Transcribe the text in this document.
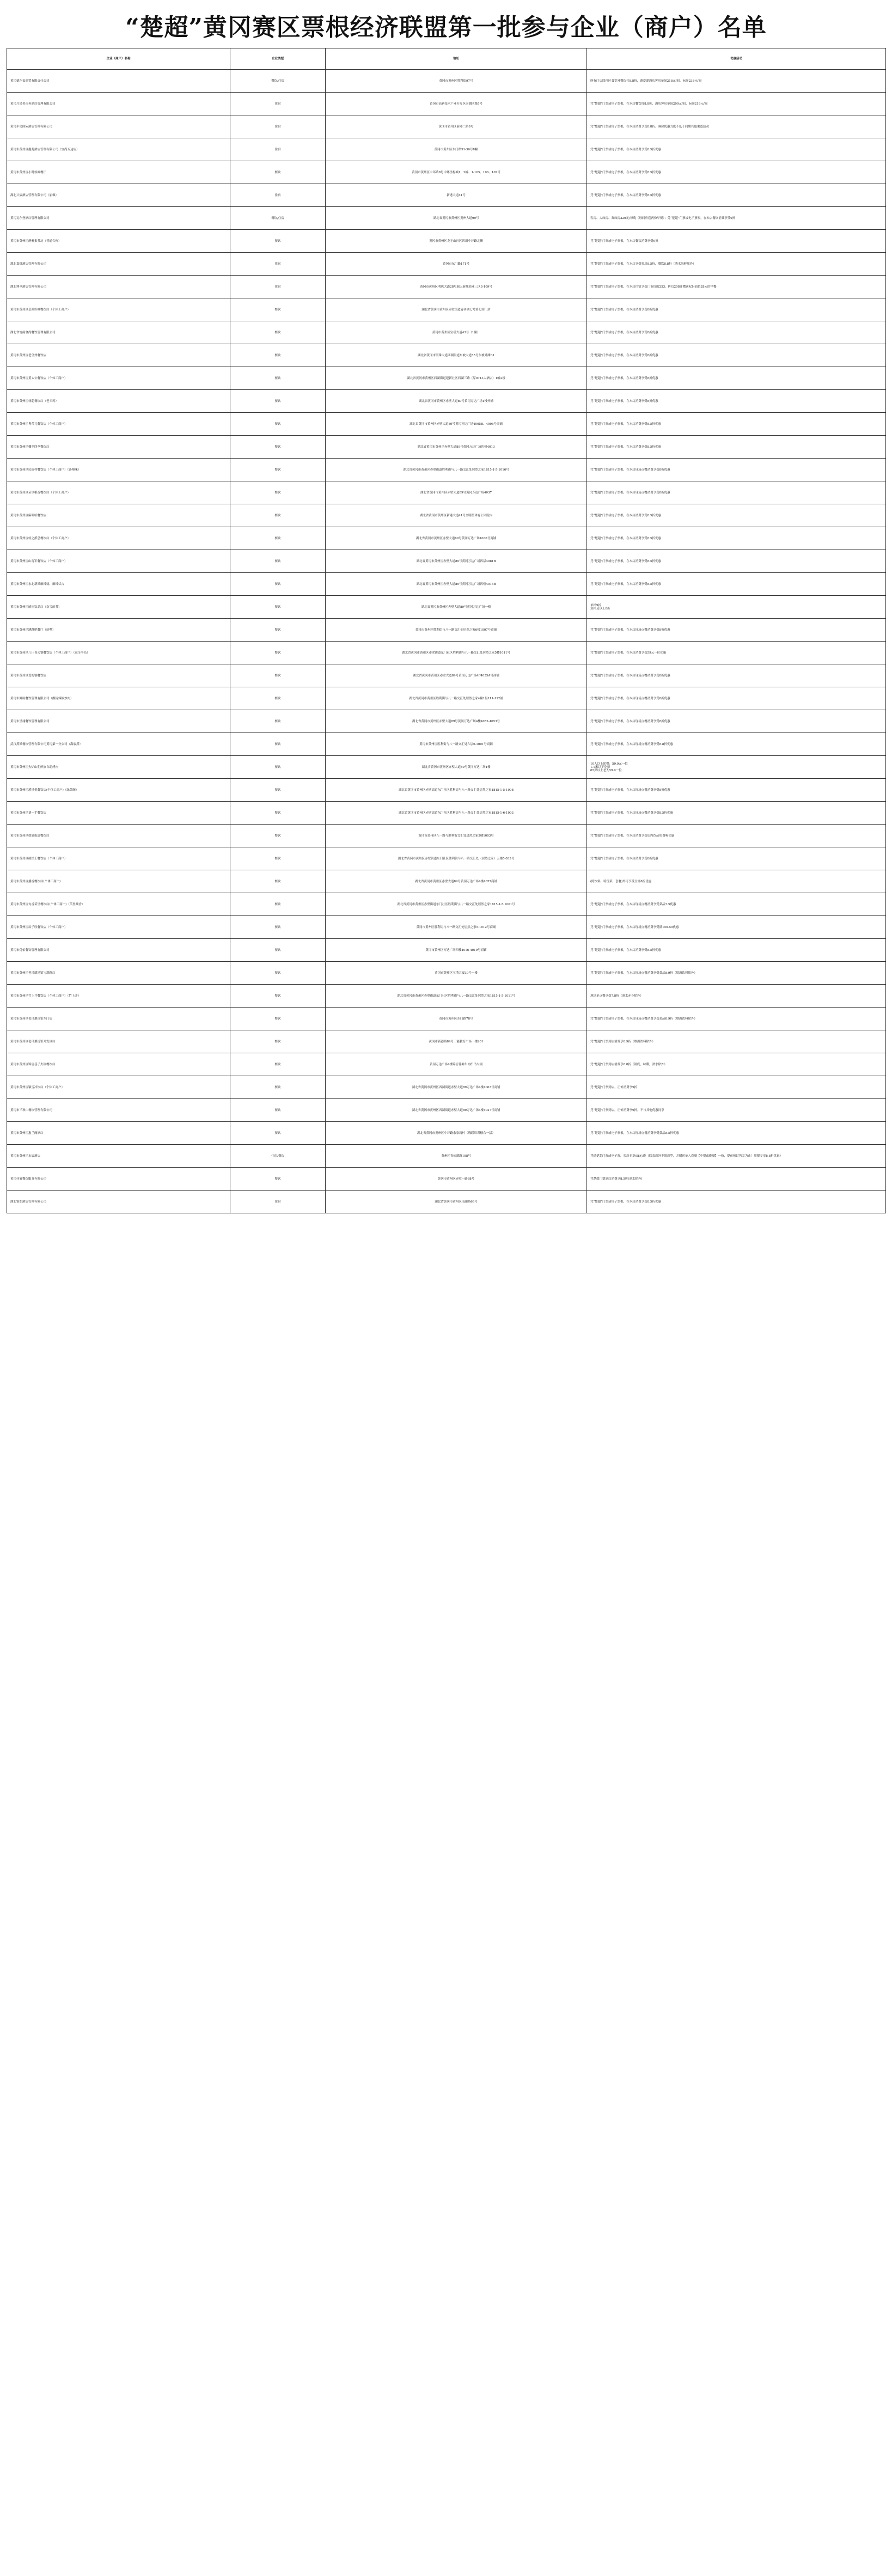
“楚超”黄冈赛区票根经济联盟第一批参与企业（商户）名单
企业（商户）名称	企业类型	地址	优惠活动
黄冈德尔福商贸有限责任公司	餐饮/住宿	黄冈市黄州区胜利街97号	所有门店除社区食堂外餐饮打8.8折，遗爱湖酒店客房单间218元/间，标间238元/间
黄冈月果老南务酒店管理有限公司	住宿	黄冈市高新技术产业开发区南湖四路5号	凭“楚超”门票或电子票根，在本店餐饮打8.8折，酒店客房单间200元/间，标间218元/间
黄冈半岛国际酒店管理有限公司	住宿	黄冈市黄州区新港二路8号	凭“楚超”门票或电子票根，在本店消费享受8.8折。客房优惠力度不低于同期其他渠道活动
黄冈市黄州区鑫龙酒店管理有限公司（宜尚万达店）	住宿	黄冈市黄州区东门路91-36号8幢	凭“楚超”门票或电子票根，在本店消费享受8.5折优惠
黄冈市黄州区小时候味餐厅	餐饮	黄冈市黄州区中环路8号中环坐标城1、2幢、1-105、106、107号	凭“楚超”门票或电子票根，在本店消费享受8.5折优惠
湖北兴辰酒店管理有限公司（丽枫）	住宿	新港大道41号	凭“楚超”门票或电子票根，在本店消费享受8.5折优惠
黄冈瓦尔登酒店管理有限公司	餐饮/住宿	湖北省黄冈市黄州区黄州大道99号	客房、大床房、双床房320元/每晚（每间房送两份早餐）；凭“楚超”门票或电子票根，在本店餐饮消费享受9折
黄冈市黄州区静雅素茶坊（普通合伙）	餐饮	黄冈市黄州区龙王山社区四组中环路北侧	凭“楚超”门票或电子票根，在本店餐饮消费享受9折
湖北嘉维酒店管理有限公司	住宿	黄冈市东门路171号	凭“楚超”门票或电子票根，在本店享受客房8.5折，餐饮8.8折（酒水海鲜除外）
湖北博圣酒店管理有限公司	住宿	黄冈市黄州区明珠大道28号瑞天新城商业三区3-109号	凭“楚超”门票或电子票根，在本店住宿享受门市价的253，折后208并赠送双份面值28元的早餐
黄冈市黄州区皇洲虾城餐饮店（个体工商户）	餐饮	湖北省黄冈市黄州区赤壁街道青砖湖七号第七间门店	凭“楚超”门票或电子票根，在本店消费享受8折优惠
湖北省竹韵食尚餐饮管理有限公司	餐饮	黄冈市黄州区宝塔大道43号（1幢）	凭“楚超”门票或电子票根，在本店消费享受8折优惠
黄冈市黄州区老皇州餐饮店	餐饮	湖北省黄冈市明珠大道西湖街道东坡大道55号东坡外滩B1	凭“楚超”门票或电子票根，在本店消费享受8折优惠
黄冈市黄州区黄太公餐饮店（个体工商户）	餐饮	湖北省黄冈市黄州区西湖街道建新社区西湖三路（原0713大酒店）1幢2楼	凭“楚超”门票或电子票根，在本店消费享受8折优惠
黄冈市黄州区徐超餐饮店（老乡鸡）	餐饮	湖北省黄冈市黄州区赤壁大道89号黄冈万达广场1楼外铺	凭“楚超”门票或电子票根，在本店消费享受8折优惠
黄冈市黄州区粤荣礼餐饮店（个体工商户）	餐饮	湖北省黄冈市黄州区赤壁大道89号黄冈万达广场4005B、4006号商铺	凭“楚超”门票或电子票根，在本店消费享受8.5折优惠
黄冈市黄州区椰乡四季餐饮店	餐饮	湖北省黄冈市黄州区赤壁大道89号黄冈万达广场四楼4013	凭“楚超”门票或电子票根，在本店消费享受8.5折优惠
黄冈市黄州区民俗村餐饮店（个体工商户）（汤师味）	餐饮	湖北省黄冈市黄州区赤壁街道胜利街与八一路交汇处居然之家1815-1-5-1016号	凭“楚超”门票或电子票根，在本店现场点餐消费享受8折优惠
黄冈市黄州区苗里粮香餐饮店（个体工商户）	餐饮	湖北省黄冈市黄州区赤壁大道89号黄冈万达广场4037	凭“楚超”门票或电子票根，在本店现场点餐消费享受8折优惠
黄冈市黄州区麻哈哈餐饮店	餐饮	湖北省黄冈市黄州区新港大道41号全明星体育公园院内	凭“楚超”门票或电子票根，在本店消费享受8.5折优惠
黄冈市黄州区蛙之派总餐饮店（个体工商户）	餐饮	湖北省黄冈市黄州区赤壁大道89号黄冈万达广场4036号商铺	凭“楚超”门票或电子票根，在本店消费享受8.5折优惠
黄冈市黄州区山将军餐饮店（个体工商户）	餐饮	湖北省黄冈市黄州区赤壁大道89号黄冈万达广场四层4081B	凭“楚超”门票或电子票根，在本店消费享受8.5折优惠
黄冈市黄州区东北新派麻辣烫、麻辣伏吉	餐饮	湖北省黄冈市黄州区赤壁大道89号黄冈万达广场四楼4015B	凭“楚超”门票或电子票根，在本店消费享受8.5折优惠
黄冈市黄州区晴雨饮品店（奈雪的茶）	餐饮	湖北省黄冈市黄州区赤壁大道89号黄冈万达广场一楼	单杯9折
双杯及以上8折
黄冈市黄州区跳跳吧餐厅（蛙嘿）	餐饮	黄冈市黄州区胜利街与八一路交汇处居然之家6楼1007号商铺	凭“楚超”门票或电子票根，在本店现场点餐消费享受8折优惠
黄冈市黄州区八斤哥火锅餐饮店（个体工商户）（众享半岛）	餐饮	湖北省黄冈市黄州区赤壁街道东门社区胜利街与八一路交汇处居然之家5楼1011号	凭“楚超”门票或电子票根，在本店消费享受59元一位优惠
黄冈市黄州区爱的锅餐饮店	餐饮	湖北省黄冈市黄州区赤壁大道89号黄冈万达广场4F4055A号商铺	凭“楚超”门票或电子票根，在本店现场点餐消费享受8折优惠
黄冈市鲜厨餐饮管理有限公司（湘厨辣椒炒肉）	餐饮	湖北省黄冈市黄州区胜利街与八一路交汇处居然之家4幢1层111-112铺	凭“楚超”门票或电子票根，在本店现场点餐消费享受8折优惠
黄冈市星翊餐饮管理有限公司	餐饮	湖北省黄冈市黄州区赤壁大道89号黄冈万达广场4楼4052-4053号	凭“楚超”门票或电子票根，在本店现场点餐消费享受8折优惠
武汉捞派餐饮管理有限公司黄冈第一分公司（海底捞）	餐饮	黄冈市黄州区胜利街与八一路交汇处六层6-1001号商铺	凭“楚超”门票或电子票根，在本店现场点餐消费享受8.8折优惠
黄冈市黄州区火炉山朝鲜族自助烤肉	餐饮	湖北省黄冈市黄州区赤壁大道89号黄冈万达广场4楼	10人以上团餐：59.9元一位
1.1米以下免票
65岁以上老人59.9一位
黄冈市黄州区溪风悦餐饮店(个体工商户)（绿茵阁）	餐饮	湖北省黄冈市黄州区赤壁街道东门社区胜利街与八一路交汇处居然之家1815-1-5-1008	凭“楚超”门票或电子票根，在本店现场点餐消费享受8折优惠
黄冈市黄州区刘一手餐饮店	餐饮	湖北省黄冈市黄州区赤壁街道东门社区胜利街与八一路交汇处居然之家1815-1-6-1003	凭“楚超”门票或电子票根，在本店现场点餐消费享受8.5折优惠
黄冈市黄州区如渝街道餐饮店	餐饮	黄冈市黄州区八一路与胜利街交汇处居然之家5楼1003号	凭“楚超”门票或电子票根，在本店消费享受店内饮品免费喝优惠
黄冈市黄州区破烂王餐饮店（个体工商户）	餐饮	湖北省黄冈市黄州区赤壁街道东门社区胜利街与八一路交汇处（居然之家）五楼5-033号	凭“楚超”门票或电子票根，在本店消费享受8折优惠
黄冈市黄州区播香餐饮店(个体工商户)	餐饮	湖北省黄冈市黄州区赤壁大道89号黄冈万达广场4楼4057商铺	(除饮料，特价菜，套餐)外可享受全场8折优惠
黄冈市黄州区匀香苗里餐饮店(个体工商户)（苗里酸香）	餐饮	湖北省黄冈市黄州区赤壁街道东门社区胜利街与八一路交汇处居然之家1815-1-5-1001号	凭“楚超”门票或电子票根，在本店现场点餐消费享受菜品7.5优惠
黄冈市黄州区辰子欣餐饮店（个体工商户）	餐饮	黄冈市黄州区胜利街与八一路交汇处居然之家5-1012号商铺	凭“楚超”门票或电子票根，在本店现场点餐消费享受满150-50优惠
黄冈市优佑餐饮管理有限公司	餐饮	黄冈市黄州区万达广场四楼4016-4019号商铺	凭“楚超”门票或电子票根，在本店消费享受8.5折优惠
黄冈市黄州区老吕缥汤馆宝塔路店	餐饮	黄冈市黄州区宝塔大厦39号一楼	凭“楚超”门票或电子票根，在本店现场点餐消费享受菜品8.9折（烟酒饮料除外）
黄冈市黄州区竹上井餐饮店（个体工商户）（竹上井）	餐饮	湖北省黄冈市黄州区赤壁街道东门社区胜利街与八一路交汇处居然之家1815-1-5-1011号	现场单点餐享受7.8折（酒水赤身除外）
黄冈市黄州区老吕煨汤馆东门店	餐饮	黄冈市黄州区东门路78号	凭“楚超”门票或电子票根，在本店现场点餐消费享受菜品8.9折（烟酒饮料除外）
黄冈市黄州区老吕煨汤馆开发区店	餐饮	黄冈市新港路89号三能教育广场一楼201	凭“楚超”门票到店消费享8.9折（烟酒饮料除外）
黄冈市黄州区锦官巷子火锅餐饮店	餐饮	黄冈万达广场4楼锦官巷鲜牛肉串串火锅	凭“楚超”门票到店消费享8.8折（锅底，味碟，酒水除外）
黄冈市黄州区颖雪冷饮店（个体工商户）	餐饮	湖北省黄冈市黄州区西湖街道赤壁大道89万达广场4楼4063号商铺	凭“楚超”门票到店，正价消费享9折
黄冈市半秋山餐饮管理有限公司	餐饮	湖北省黄冈市黄州区西湖街道赤壁大道89万达广场4楼4027号商铺	凭“楚超”门票到店，正价消费享9折，不与其他优惠同享
黄冈市黄州区惠兰阁酒店	餐饮	湖北省黄冈市黄州区中环路余家湾村（残联培训楼右一层）	凭“楚超”门票或电子票根，在本店现场点餐消费享受菜品8.5折优惠
黄冈市黄州区东辰酒店	住宿/餐饮	黄州区青砖湖路198号	凭借楚超门票或电子票，客房专享98元/晚（除套房外不限房型，并赠送单人套餐【中餐或晚餐】一份，提前预订售完为止！用餐专享8.8折优惠）
黄冈佳宴餐饮服务有限公司	餐饮	黄冈市黄州区赤壁一路88号	凭楚超门票到店消费享8.5折(酒水除外)
湖北铭朗酒店管理有限公司	住宿	湖北省黄冈市黄州区南湖路68号	凭“楚超”门票或电子票根，在本店消费享受8.5折优惠
